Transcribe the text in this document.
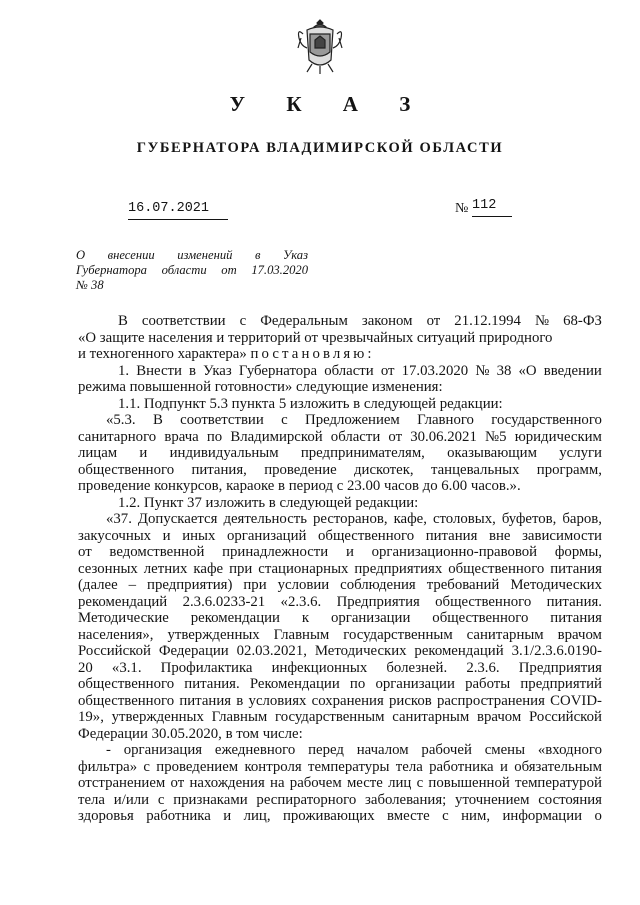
У К А З
ГУБЕРНАТОРА ВЛАДИМИРСКОЙ ОБЛАСТИ
16.07.2021	№ 112
О внесении изменений в Указ
Губернатора области от 17.03.2020
№ 38
В соответствии с Федеральным законом от 21.12.1994 № 68-ФЗ
«О защите населения и территорий от чрезвычайных ситуаций природного
и техногенного характера» постановляю:
1. Внести в Указ Губернатора области от 17.03.2020 № 38 «О введении
режима повышенной готовности» следующие изменения:
1.1. Подпункт 5.3 пункта 5 изложить в следующей редакции:
«5.3. В соответствии с Предложением Главного государственного
санитарного врача по Владимирской области от 30.06.2021 №5 юридическим
лицам и индивидуальным предпринимателям, оказывающим услуги
общественного питания, проведение дискотек, танцевальных программ,
проведение конкурсов, караоке в период с 23.00 часов до 6.00 часов.».
1.2. Пункт 37 изложить в следующей редакции:
«37. Допускается деятельность ресторанов, кафе, столовых, буфетов, баров,
закусочных и иных организаций общественного питания вне зависимости
от ведомственной принадлежности и организационно-правовой формы,
сезонных летних кафе при стационарных предприятиях общественного питания
(далее – предприятия) при условии соблюдения требований Методических
рекомендаций 2.3.6.0233-21 «2.3.6. Предприятия общественного питания.
Методические рекомендации к организации общественного питания
населения», утвержденных Главным государственным санитарным врачом
Российской Федерации 02.03.2021, Методических рекомендаций 3.1/2.3.6.0190-
20 «3.1. Профилактика инфекционных болезней. 2.3.6. Предприятия
общественного питания. Рекомендации по организации работы предприятий
общественного питания в условиях сохранения рисков распространения COVID-
19», утвержденных Главным государственным санитарным врачом Российской
Федерации 30.05.2020, в том числе:
- организация ежедневного перед началом рабочей смены «входного
фильтра» с проведением контроля температуры тела работника и обязательным
отстранением от нахождения на рабочем месте лиц с повышенной температурой
тела и/или с признаками респираторного заболевания; уточнением состояния
здоровья работника и лиц, проживающих вместе с ним, информации о
